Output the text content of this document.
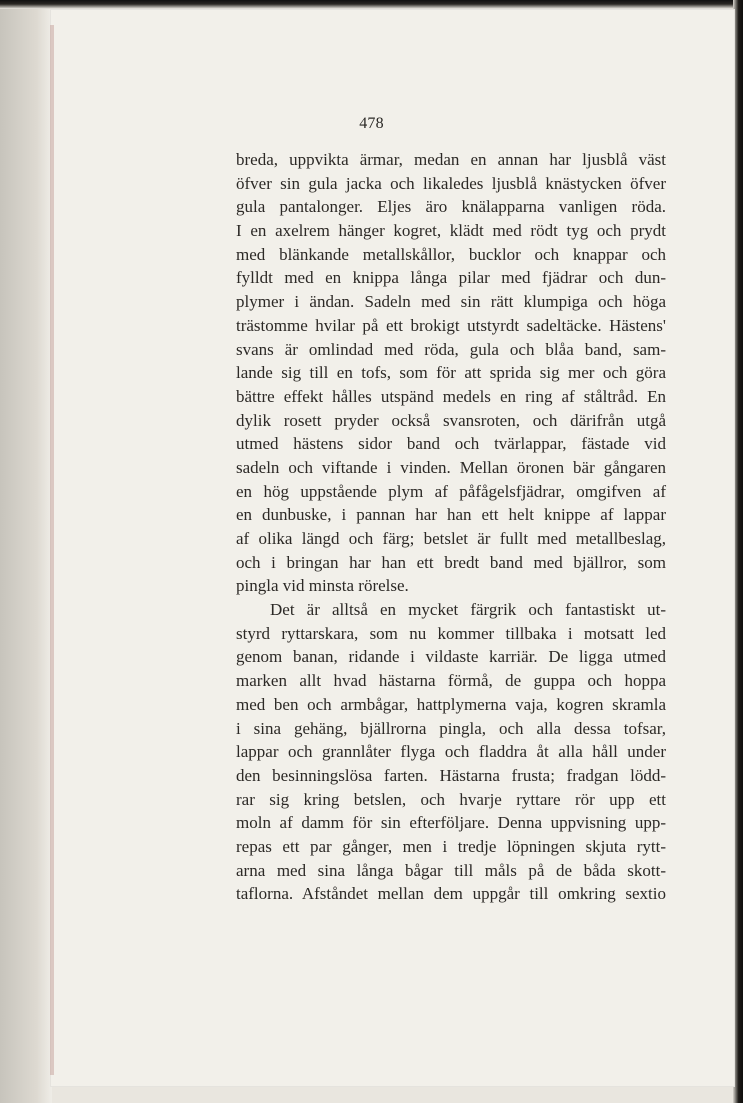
478
breda, uppvikta ärmar, medan en annan har ljusblå väst
öfver sin gula jacka och likaledes ljusblå knästycken öfver
gula pantalonger. Eljes äro knälapparna vanligen röda.
I en axelrem hänger kogret, klädt med rödt tyg och prydt
med blänkande metallskållor, bucklor och knappar och
fylldt med en knippa långa pilar med fjädrar och dun-
plymer i ändan. Sadeln med sin rätt klumpiga och höga
trästomme hvilar på ett brokigt utstyrdt sadeltäcke. Hästens'
svans är omlindad med röda, gula och blåa band, sam-
lande sig till en tofs, som för att sprida sig mer och göra
bättre effekt hålles utspänd medels en ring af ståltråd. En
dylik rosett pryder också svansroten, och därifrån utgå
utmed hästens sidor band och tvärlappar, fästade vid
sadeln och viftande i vinden. Mellan öronen bär gångaren
en hög uppstående plym af påfågelsfjädrar, omgifven af
en dunbuske, i pannan har han ett helt knippe af lappar
af olika längd och färg; betslet är fullt med metallbeslag,
och i bringan har han ett bredt band med bjällror, som
pingla vid minsta rörelse.
Det är alltså en mycket färgrik och fantastiskt ut-
styrd ryttarskara, som nu kommer tillbaka i motsatt led
genom banan, ridande i vildaste karriär. De ligga utmed
marken allt hvad hästarna förmå, de guppa och hoppa
med ben och armbågar, hattplymerna vaja, kogren skramla
i sina gehäng, bjällrorna pingla, och alla dessa tofsar,
lappar och grannlåter flyga och fladdra åt alla håll under
den besinningslösa farten. Hästarna frusta; fradgan lödd-
rar sig kring betslen, och hvarje ryttare rör upp ett
moln af damm för sin efterföljare. Denna uppvisning upp-
repas ett par gånger, men i tredje löpningen skjuta rytt-
arna med sina långa bågar till måls på de båda skott-
taflorna. Afståndet mellan dem uppgår till omkring sextio
